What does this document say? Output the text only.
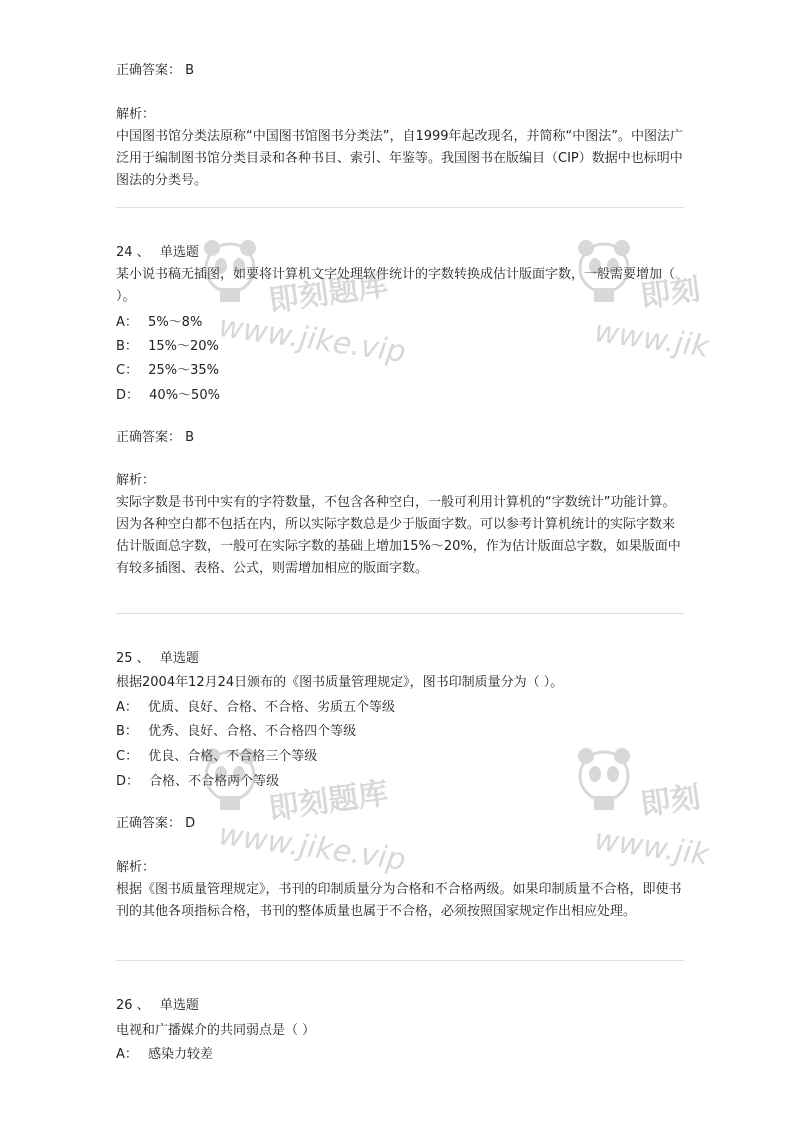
正确答案： B
解析：
中国图书馆分类法原称“中国图书馆图书分类法”，自1999年起改现名，并简称“中图法”。中图法广泛用于编制图书馆分类目录和各种书目、索引、年鉴等。我国图书在版编目（CIP）数据中也标明中图法的分类号。
24 、 单选题
某小说书稿无插图，如要将计算机文字处理软件统计的字数转换成估计版面字数，一般需要增加（ ）。
A： 5%～8%
B： 15%～20%
C： 25%～35%
D： 40%～50%
正确答案： B
解析：
实际字数是书刊中实有的字符数量，不包含各种空白，一般可利用计算机的“字数统计”功能计算。因为各种空白都不包括在内，所以实际字数总是少于版面字数。可以参考计算机统计的实际字数来估计版面总字数，一般可在实际字数的基础上增加15%～20%，作为估计版面总字数，如果版面中有较多插图、表格、公式，则需增加相应的版面字数。
25 、 单选题
根据2004年12月24日颁布的《图书质量管理规定》，图书印制质量分为（ ）。
A： 优质、良好、合格、不合格、劣质五个等级
B： 优秀、良好、合格、不合格四个等级
C： 优良、合格、不合格三个等级
D： 合格、不合格两个等级
正确答案： D
解析：
根据《图书质量管理规定》，书刊的印制质量分为合格和不合格两级。如果印制质量不合格，即使书刊的其他各项指标合格，书刊的整体质量也属于不合格，必须按照国家规定作出相应处理。
26 、 单选题
电视和广播媒介的共同弱点是（ ）
A： 感染力较差
即刻题库
www.jike.vip
即刻
www.jik
即刻题库
www.jike.vip
即刻
www.jik
